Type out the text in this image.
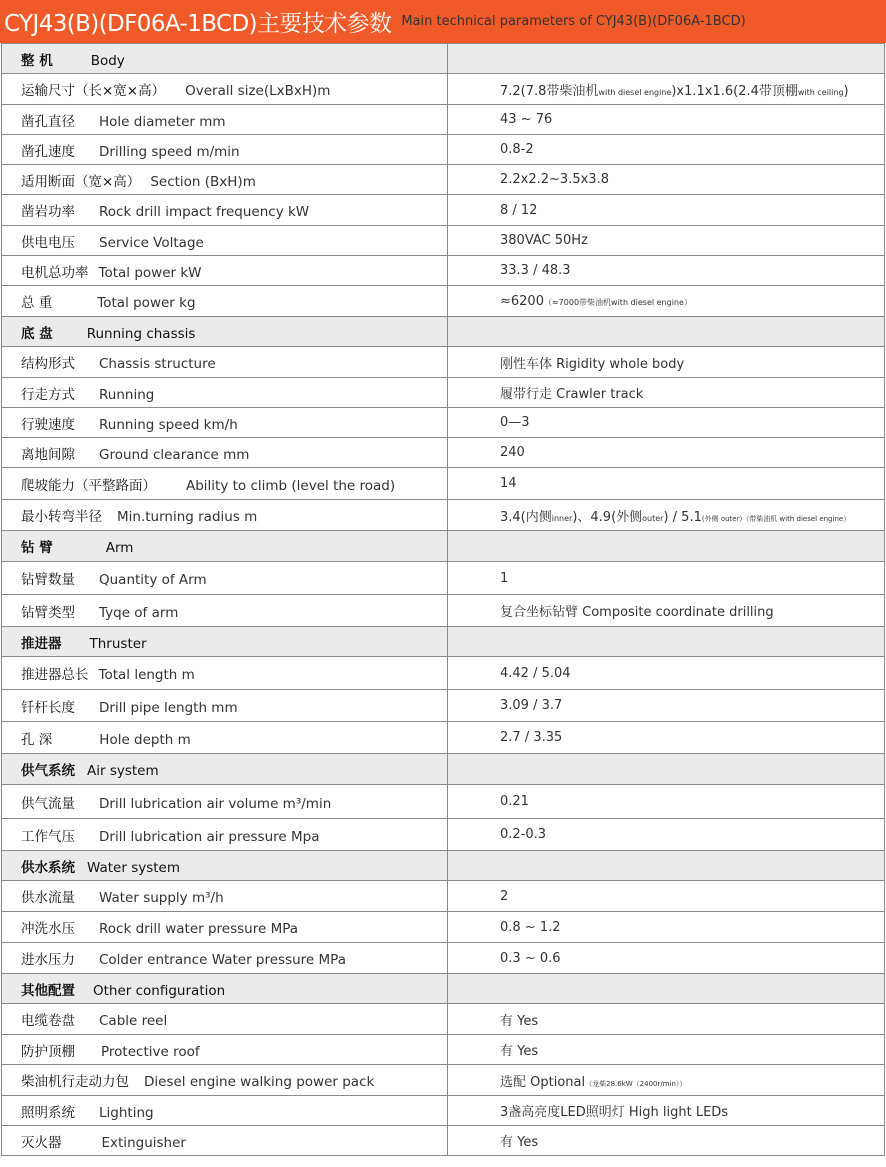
CYJ43(B)(DF06A-1BCD)主要技术参数 Main technical parameters of CYJ43(B)(DF06A-1BCD)
整 机 Body	
运输尺寸（长×宽×高） Overall size(LxBxH)m	7.2(7.8带柴油机with diesel engine)x1.1x1.6(2.4带顶棚with ceiling)
凿孔直径 Hole diameter mm	43 ~ 76
凿孔速度 Drilling speed m/min	0.8-2
适用断面（宽×高） Section (BxH)m	2.2x2.2~3.5x3.8
凿岩功率 Rock drill impact frequency kW	8 / 12
供电电压 Service Voltage	380VAC 50Hz
电机总功率 Total power kW	33.3 / 48.3
总 重 Total power kg	≈6200（≈7000带柴油机with diesel engine）
底 盘 Running chassis	
结构形式 Chassis structure	刚性车体 Rigidity whole body
行走方式 Running	履带行走 Crawler track
行驶速度 Running speed km/h	0—3
离地间隙 Ground clearance mm	240
爬坡能力（平整路面） Ability to climb (level the road)	14
最小转弯半径 Min.turning radius m	3.4(内侧inner)、4.9(外侧outer) / 5.1(外侧 outer)（带柴油机 with diesel engine）
钻 臂 Arm	
钻臂数量 Quantity of Arm	1
钻臂类型 Tyqe of arm	复合坐标钻臂 Composite coordinate drilling
推进器 Thruster	
推进器总长 Total length m	4.42 / 5.04
钎杆长度 Drill pipe length mm	3.09 / 3.7
孔 深 Hole depth m	2.7 / 3.35
供气系统 Air system	
供气流量 Drill lubrication air volume m³/min	0.21
工作气压 Drill lubrication air pressure Mpa	0.2-0.3
供水系统 Water system	
供水流量 Water supply m³/h	2
冲洗水压 Rock drill water pressure MPa	0.8 ~ 1.2
进水压力 Colder entrance Water pressure MPa	0.3 ~ 0.6
其他配置 Other configuration	
电缆卷盘 Cable reel	有 Yes
防护顶棚 Protective roof	有 Yes
柴油机行走动力包 Diesel engine walking power pack	选配 Optional（龙柴28.6kW（2400r/min））
照明系统 Lighting	3盏高亮度LED照明灯 High light LEDs
灭火器 Extinguisher	有 Yes
